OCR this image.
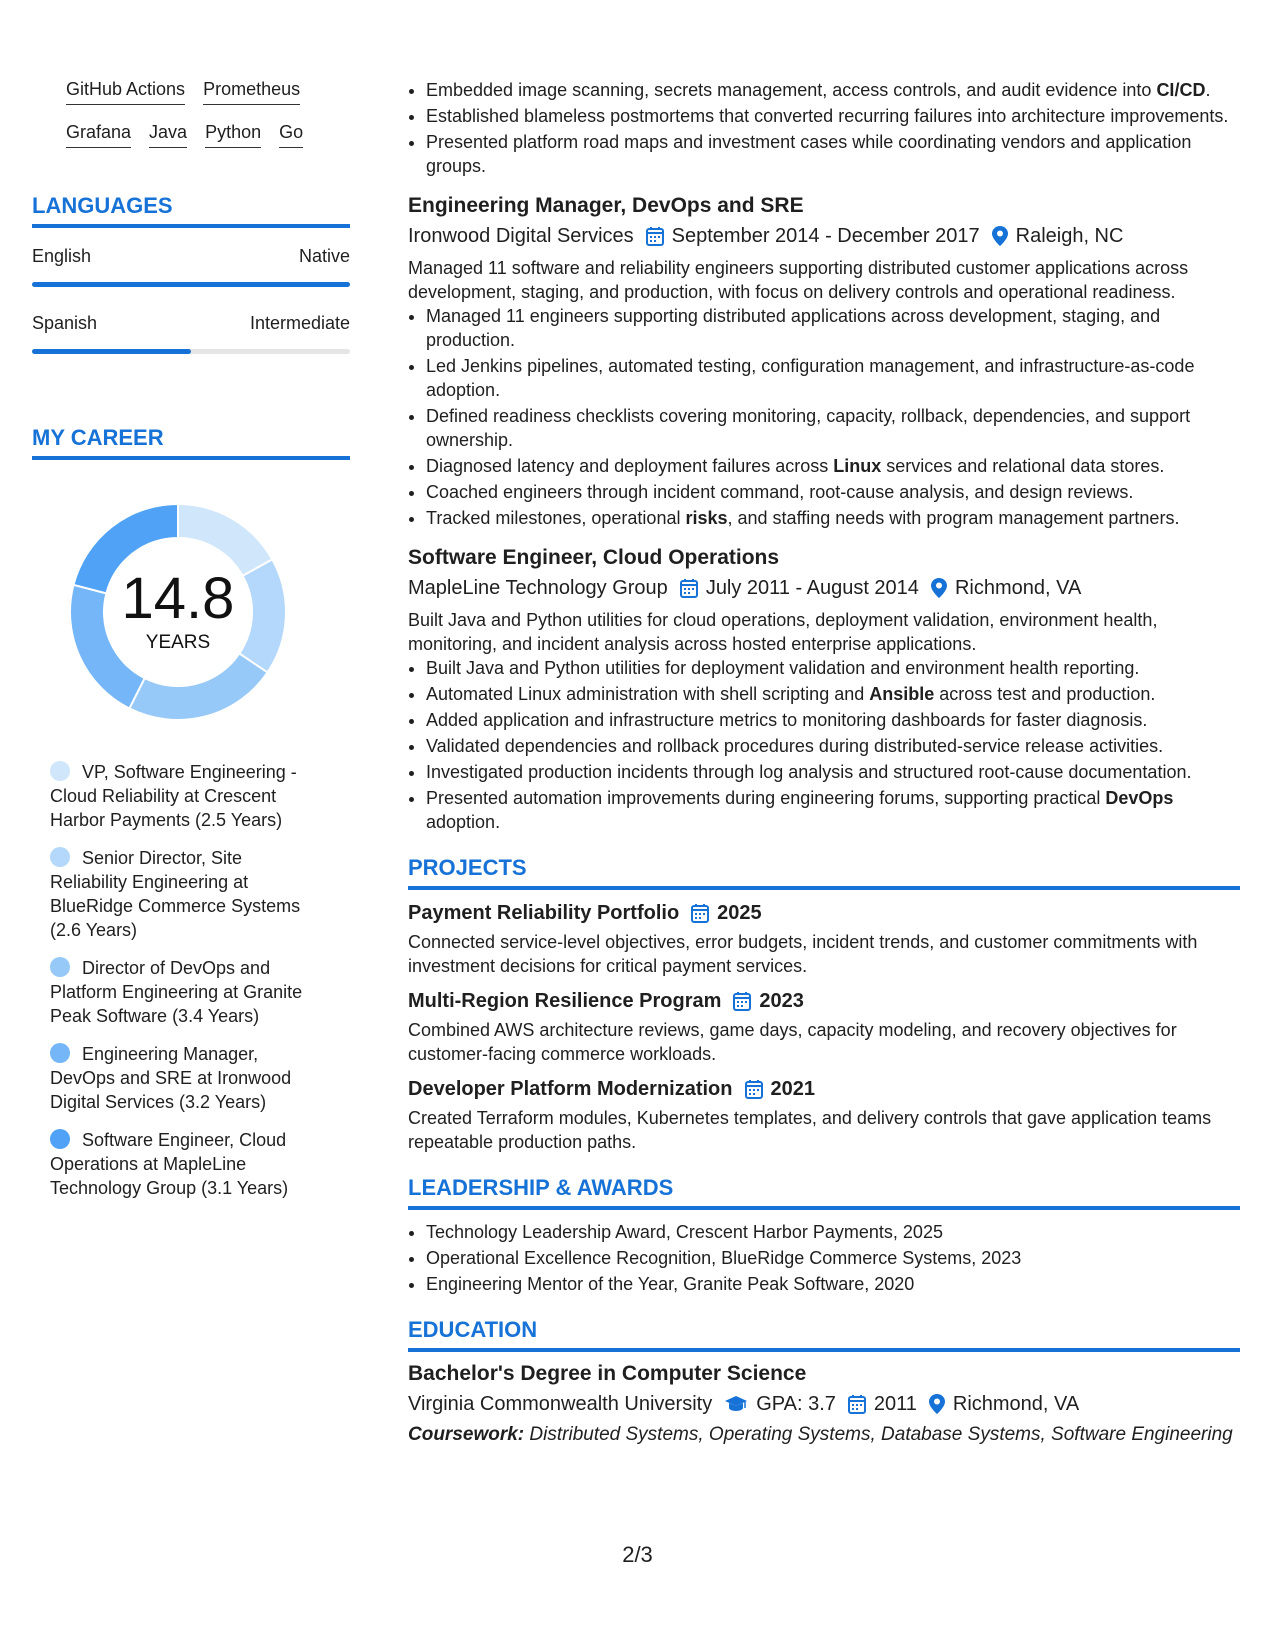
GitHub Actions Prometheus
Grafana Java Python Go
LANGUAGES
English	Native
Spanish	Intermediate
MY CAREER
14.8
YEARS
VP, Software Engineering - Cloud Reliability at Crescent Harbor Payments (2.5 Years)
Senior Director, Site Reliability Engineering at BlueRidge Commerce Systems (2.6 Years)
Director of DevOps and Platform Engineering at Granite Peak Software (3.4 Years)
Engineering Manager, DevOps and SRE at Ironwood Digital Services (3.2 Years)
Software Engineer, Cloud Operations at MapleLine Technology Group (3.1 Years)
• Embedded image scanning, secrets management, access controls, and audit evidence into CI/CD.
• Established blameless postmortems that converted recurring failures into architecture improvements.
• Presented platform road maps and investment cases while coordinating vendors and application groups.
Engineering Manager, DevOps and SRE
Ironwood Digital Services September 2014 - December 2017 Raleigh, NC
Managed 11 software and reliability engineers supporting distributed customer applications across development, staging, and production, with focus on delivery controls and operational readiness.
• Managed 11 engineers supporting distributed applications across development, staging, and production.
• Led Jenkins pipelines, automated testing, configuration management, and infrastructure-as-code adoption.
• Defined readiness checklists covering monitoring, capacity, rollback, dependencies, and support ownership.
• Diagnosed latency and deployment failures across Linux services and relational data stores.
• Coached engineers through incident command, root-cause analysis, and design reviews.
• Tracked milestones, operational risks, and staffing needs with program management partners.
Software Engineer, Cloud Operations
MapleLine Technology Group July 2011 - August 2014 Richmond, VA
Built Java and Python utilities for cloud operations, deployment validation, environment health, monitoring, and incident analysis across hosted enterprise applications.
• Built Java and Python utilities for deployment validation and environment health reporting.
• Automated Linux administration with shell scripting and Ansible across test and production.
• Added application and infrastructure metrics to monitoring dashboards for faster diagnosis.
• Validated dependencies and rollback procedures during distributed-service release activities.
• Investigated production incidents through log analysis and structured root-cause documentation.
• Presented automation improvements during engineering forums, supporting practical DevOps adoption.
PROJECTS
Payment Reliability Portfolio 2025
Connected service-level objectives, error budgets, incident trends, and customer commitments with investment decisions for critical payment services.
Multi-Region Resilience Program 2023
Combined AWS architecture reviews, game days, capacity modeling, and recovery objectives for customer-facing commerce workloads.
Developer Platform Modernization 2021
Created Terraform modules, Kubernetes templates, and delivery controls that gave application teams repeatable production paths.
LEADERSHIP & AWARDS
• Technology Leadership Award, Crescent Harbor Payments, 2025
• Operational Excellence Recognition, BlueRidge Commerce Systems, 2023
• Engineering Mentor of the Year, Granite Peak Software, 2020
EDUCATION
Bachelor's Degree in Computer Science
Virginia Commonwealth University GPA: 3.7 2011 Richmond, VA
Coursework: Distributed Systems, Operating Systems, Database Systems, Software Engineering
2/3
